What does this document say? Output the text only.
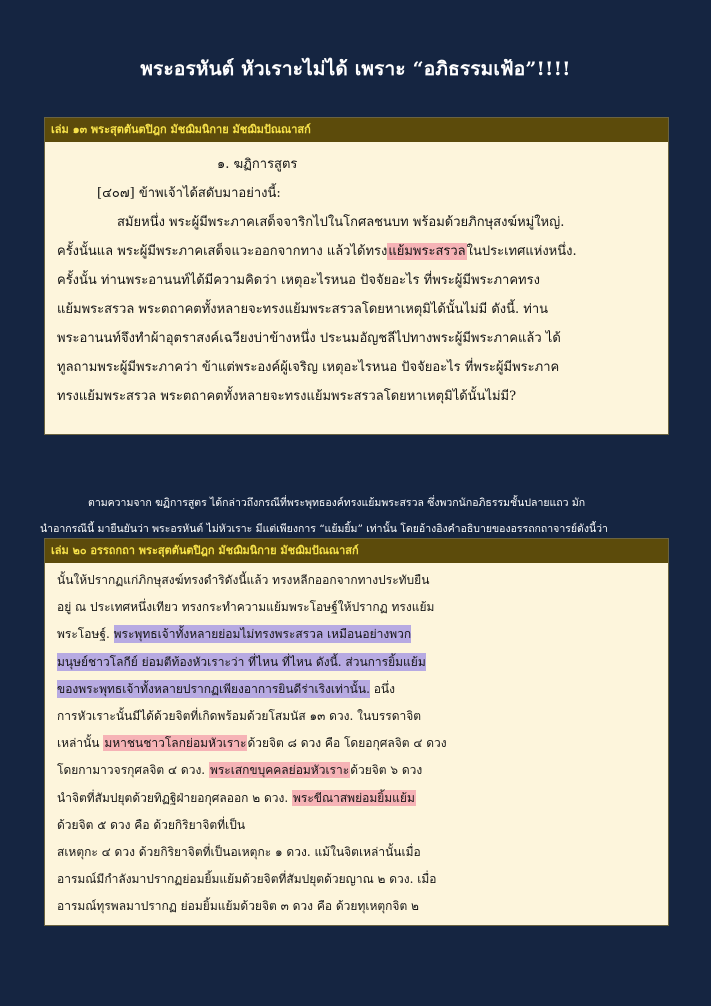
พระอรหันต์ หัวเราะไม่ได้ เพราะ “อภิธรรมเฟ้อ”!!!!
เล่ม ๑๓ พระสุตตันตปิฎก มัชฌิมนิกาย มัชฌิมปัณณาสก์
๑. ฆฏิการสูตร
[๔๐๗] ข้าพเจ้าได้สดับมาอย่างนี้:
สมัยหนึ่ง พระผู้มีพระภาคเสด็จจาริกไปในโกศลชนบท พร้อมด้วยภิกษุสงฆ์หมู่ใหญ่.
ครั้งนั้นแล พระผู้มีพระภาคเสด็จแวะออกจากทาง แล้วได้ทรงแย้มพระสรวลในประเทศแห่งหนึ่ง.
ครั้งนั้น ท่านพระอานนท์ได้มีความคิดว่า เหตุอะไรหนอ ปัจจัยอะไร ที่พระผู้มีพระภาคทรง
แย้มพระสรวล พระตถาคตทั้งหลายจะทรงแย้มพระสรวลโดยหาเหตุมิได้นั้นไม่มี ดังนี้. ท่าน
พระอานนท์จึงทำผ้าอุตราสงค์เฉวียงบ่าข้างหนึ่ง ประนมอัญชลีไปทางพระผู้มีพระภาคแล้ว ได้
ทูลถามพระผู้มีพระภาคว่า ข้าแต่พระองค์ผู้เจริญ เหตุอะไรหนอ ปัจจัยอะไร ที่พระผู้มีพระภาค
ทรงแย้มพระสรวล พระตถาคตทั้งหลายจะทรงแย้มพระสรวลโดยหาเหตุมิได้นั้นไม่มี?
ตามความจาก ฆฏิการสูตร ได้กล่าวถึงกรณีที่พระพุทธองค์ทรงแย้มพระสรวล ซึ่งพวกนักอภิธรรมชั้นปลายแถว มัก
นำอากรณีนี้ มายืนยันว่า พระอรหันต์ ไม่หัวเราะ มีแต่เพียงการ “แย้มยิ้ม” เท่านั้น โดยอ้างอิงคำอธิบายของอรรถกถาจารย์ดังนี้ว่า
เล่ม ๒๐ อรรถกถา พระสุตตันตปิฎก มัชฌิมนิกาย มัชฌิมปัณณาสก์
นั้นให้ปรากฏแก่ภิกษุสงฆ์ทรงดำริดังนี้แล้ว ทรงหลีกออกจากทางประทับยืน
อยู่ ณ ประเทศหนึ่งเทียว ทรงกระทำความแย้มพระโอษฐ์ให้ปรากฏ ทรงแย้ม
พระโอษฐ์. พระพุทธเจ้าทั้งหลายย่อมไม่ทรงพระสรวล เหมือนอย่างพวก
มนุษย์ชาวโลกีย์ ย่อมตีท้องหัวเราะว่า ที่ไหน ที่ไหน ดังนี้. ส่วนการยิ้มแย้ม
ของพระพุทธเจ้าทั้งหลายปรากฏเพียงอาการยินดีร่าเริงเท่านั้น. อนึ่ง
การหัวเราะนั้นมีได้ด้วยจิตที่เกิดพร้อมด้วยโสมนัส ๑๓ ดวง. ในบรรดาจิต
เหล่านั้น มหาชนชาวโลกย่อมหัวเราะด้วยจิต ๘ ดวง คือ โดยอกุศลจิต ๔ ดวง
โดยกามาวจรกุศลจิต ๔ ดวง. พระเสกขบุคคลย่อมหัวเราะด้วยจิต ๖ ดวง
นำจิตที่สัมปยุตด้วยทิฏฐิฝ่ายอกุศลออก ๒ ดวง. พระขีณาสพย่อมยิ้มแย้ม
ด้วยจิต ๕ ดวง คือ ด้วยกิริยาจิตที่เป็น
สเหตุกะ ๔ ดวง ด้วยกิริยาจิตที่เป็นอเหตุกะ ๑ ดวง. แม้ในจิตเหล่านั้นเมื่อ
อารมณ์มีกำลังมาปรากฏย่อมยิ้มแย้มด้วยจิตที่สัมปยุตด้วยญาณ ๒ ดวง. เมื่อ
อารมณ์ทุรพลมาปรากฏ ย่อมยิ้มแย้มด้วยจิต ๓ ดวง คือ ด้วยทุเหตุกจิต ๒
